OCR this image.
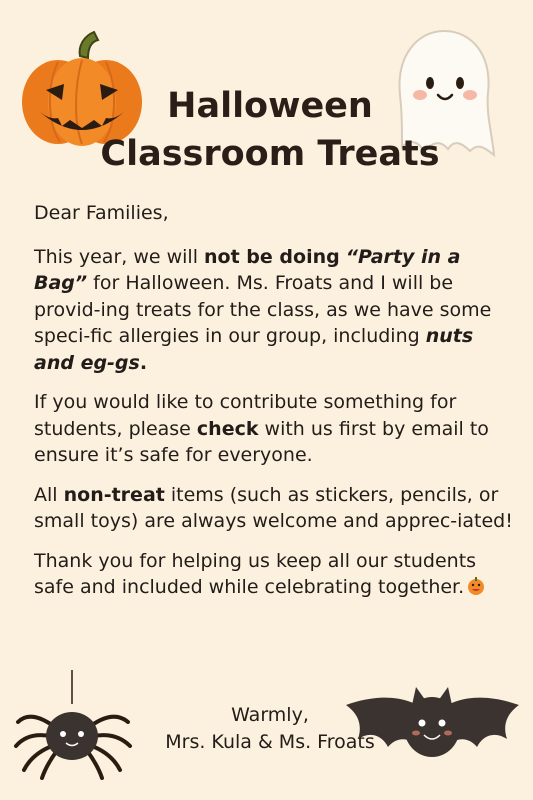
Halloween
Classroom Treats

Dear Families,

This year, we will not be doing “Party in a Bag” for Halloween. Ms. Froats and I will be provid-ing treats for the class, as we have some speci-fic allergies in our group, including nuts and eg-gs.

If you would like to contribute something for students, please check with us first by email to ensure it’s safe for everyone.

All non-treat items (such as stickers, pencils, or small toys) are always welcome and apprec-iated!

Thank you for helping us keep all our students safe and included while celebrating together.

Warmly,
Mrs. Kula & Ms. Froats
